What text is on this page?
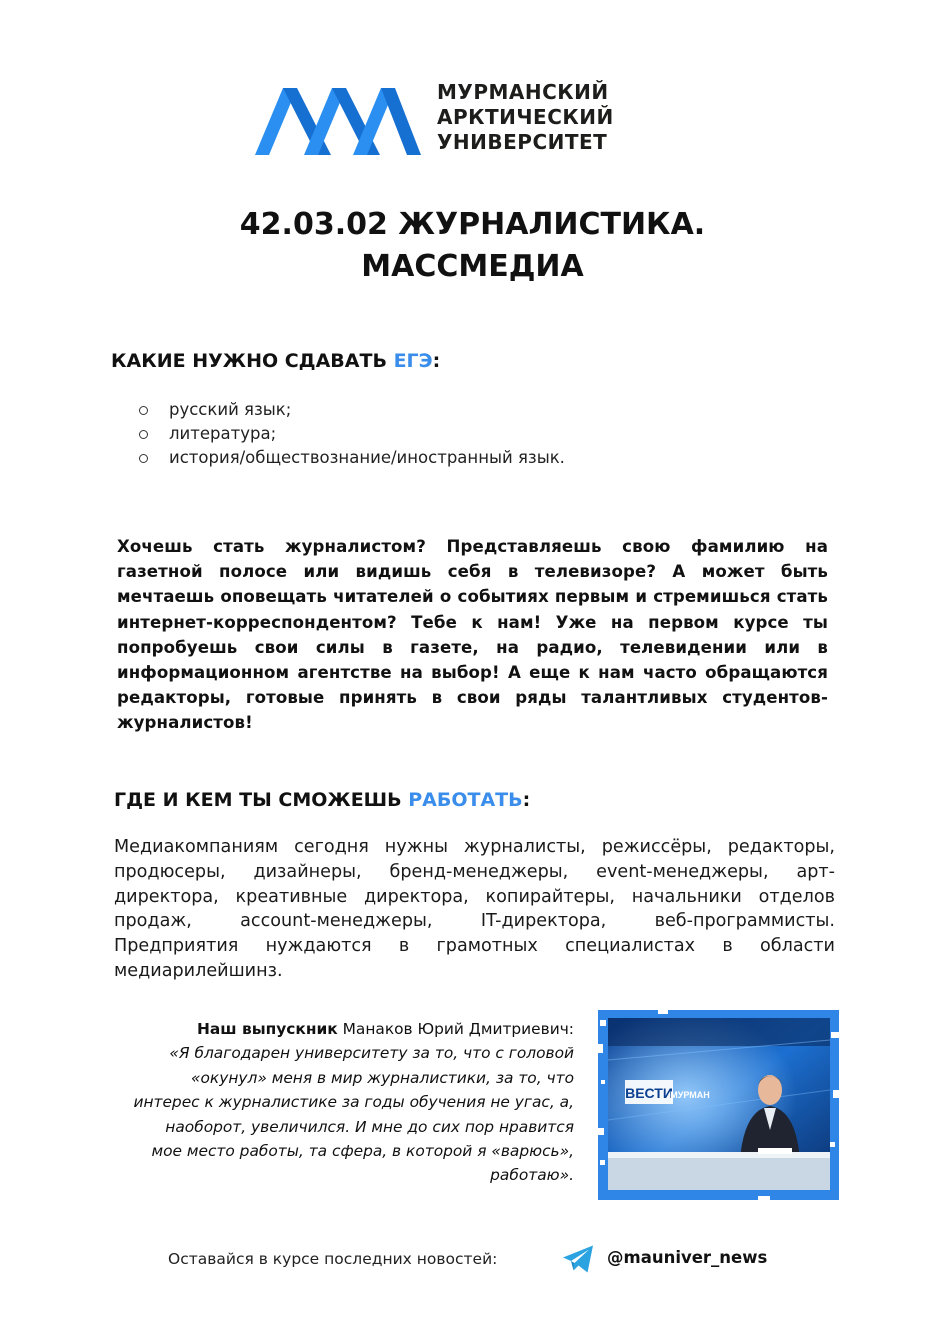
МУРМАНСКИЙ
АРКТИЧЕСКИЙ
УНИВЕРСИТЕТ
42.03.02 ЖУРНАЛИСТИКА.
МАССМЕДИА
КАКИЕ НУЖНО СДАВАТЬ ЕГЭ:
русский язык;
литература;
история/обществознание/иностранный язык.

Хочешь стать журналистом? Представляешь свою фамилию на газетной полосе или видишь себя в телевизоре? А может быть мечтаешь оповещать читателей о событиях первым и стремишься стать интернет-корреспондентом? Тебе к нам! Уже на первом курсе ты попробуешь свои силы в газете, на радио, телевидении или в информационном агентстве на выбор! А еще к нам часто обращаются редакторы, готовые принять в свои ряды талантливых студентов-журналистов!

ГДЕ И КЕМ ТЫ СМОЖЕШЬ РАБОТАТЬ:

Медиакомпаниям сегодня нужны журналисты, режиссёры, редакторы, продюсеры, дизайнеры, бренд-менеджеры, event-менеджеры, арт-директора, креативные директора, копирайтеры, начальники отделов продаж, account-менеджеры, IT-директора, веб-программисты. Предприятия нуждаются в грамотных специалистах в области медиарилейшинз.

Наш выпускник Манаков Юрий Дмитриевич:
«Я благодарен университету за то, что с головой «окунул» меня в мир журналистики, за то, что интерес к журналистике за годы обучения не угас, а, наоборот, увеличился. И мне до сих пор нравится мое место работы, та сфера, в которой я «варюсь», работаю».

ВЕСТИ
МУРМАН
Оставайся в курсе последних новостей:	@mauniver_news
